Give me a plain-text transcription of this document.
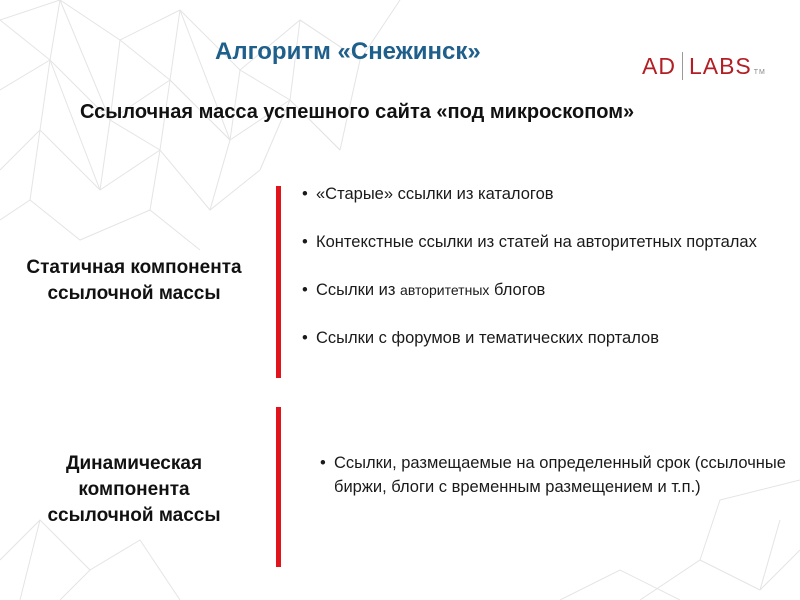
Алгоритм «Снежинск»
AD LABS TM
Ссылочная масса успешного сайта «под микроскопом»

Статичная компонента ссылочной массы

• «Старые» ссылки из каталогов
• Контекстные ссылки из статей на авторитетных порталах
• Ссылки из авторитетных блогов
• Ссылки с форумов и тематических порталов

Динамическая компонента ссылочной массы

• Ссылки, размещаемые на определенный срок (ссылочные биржи, блоги с временным размещением и т.п.)
